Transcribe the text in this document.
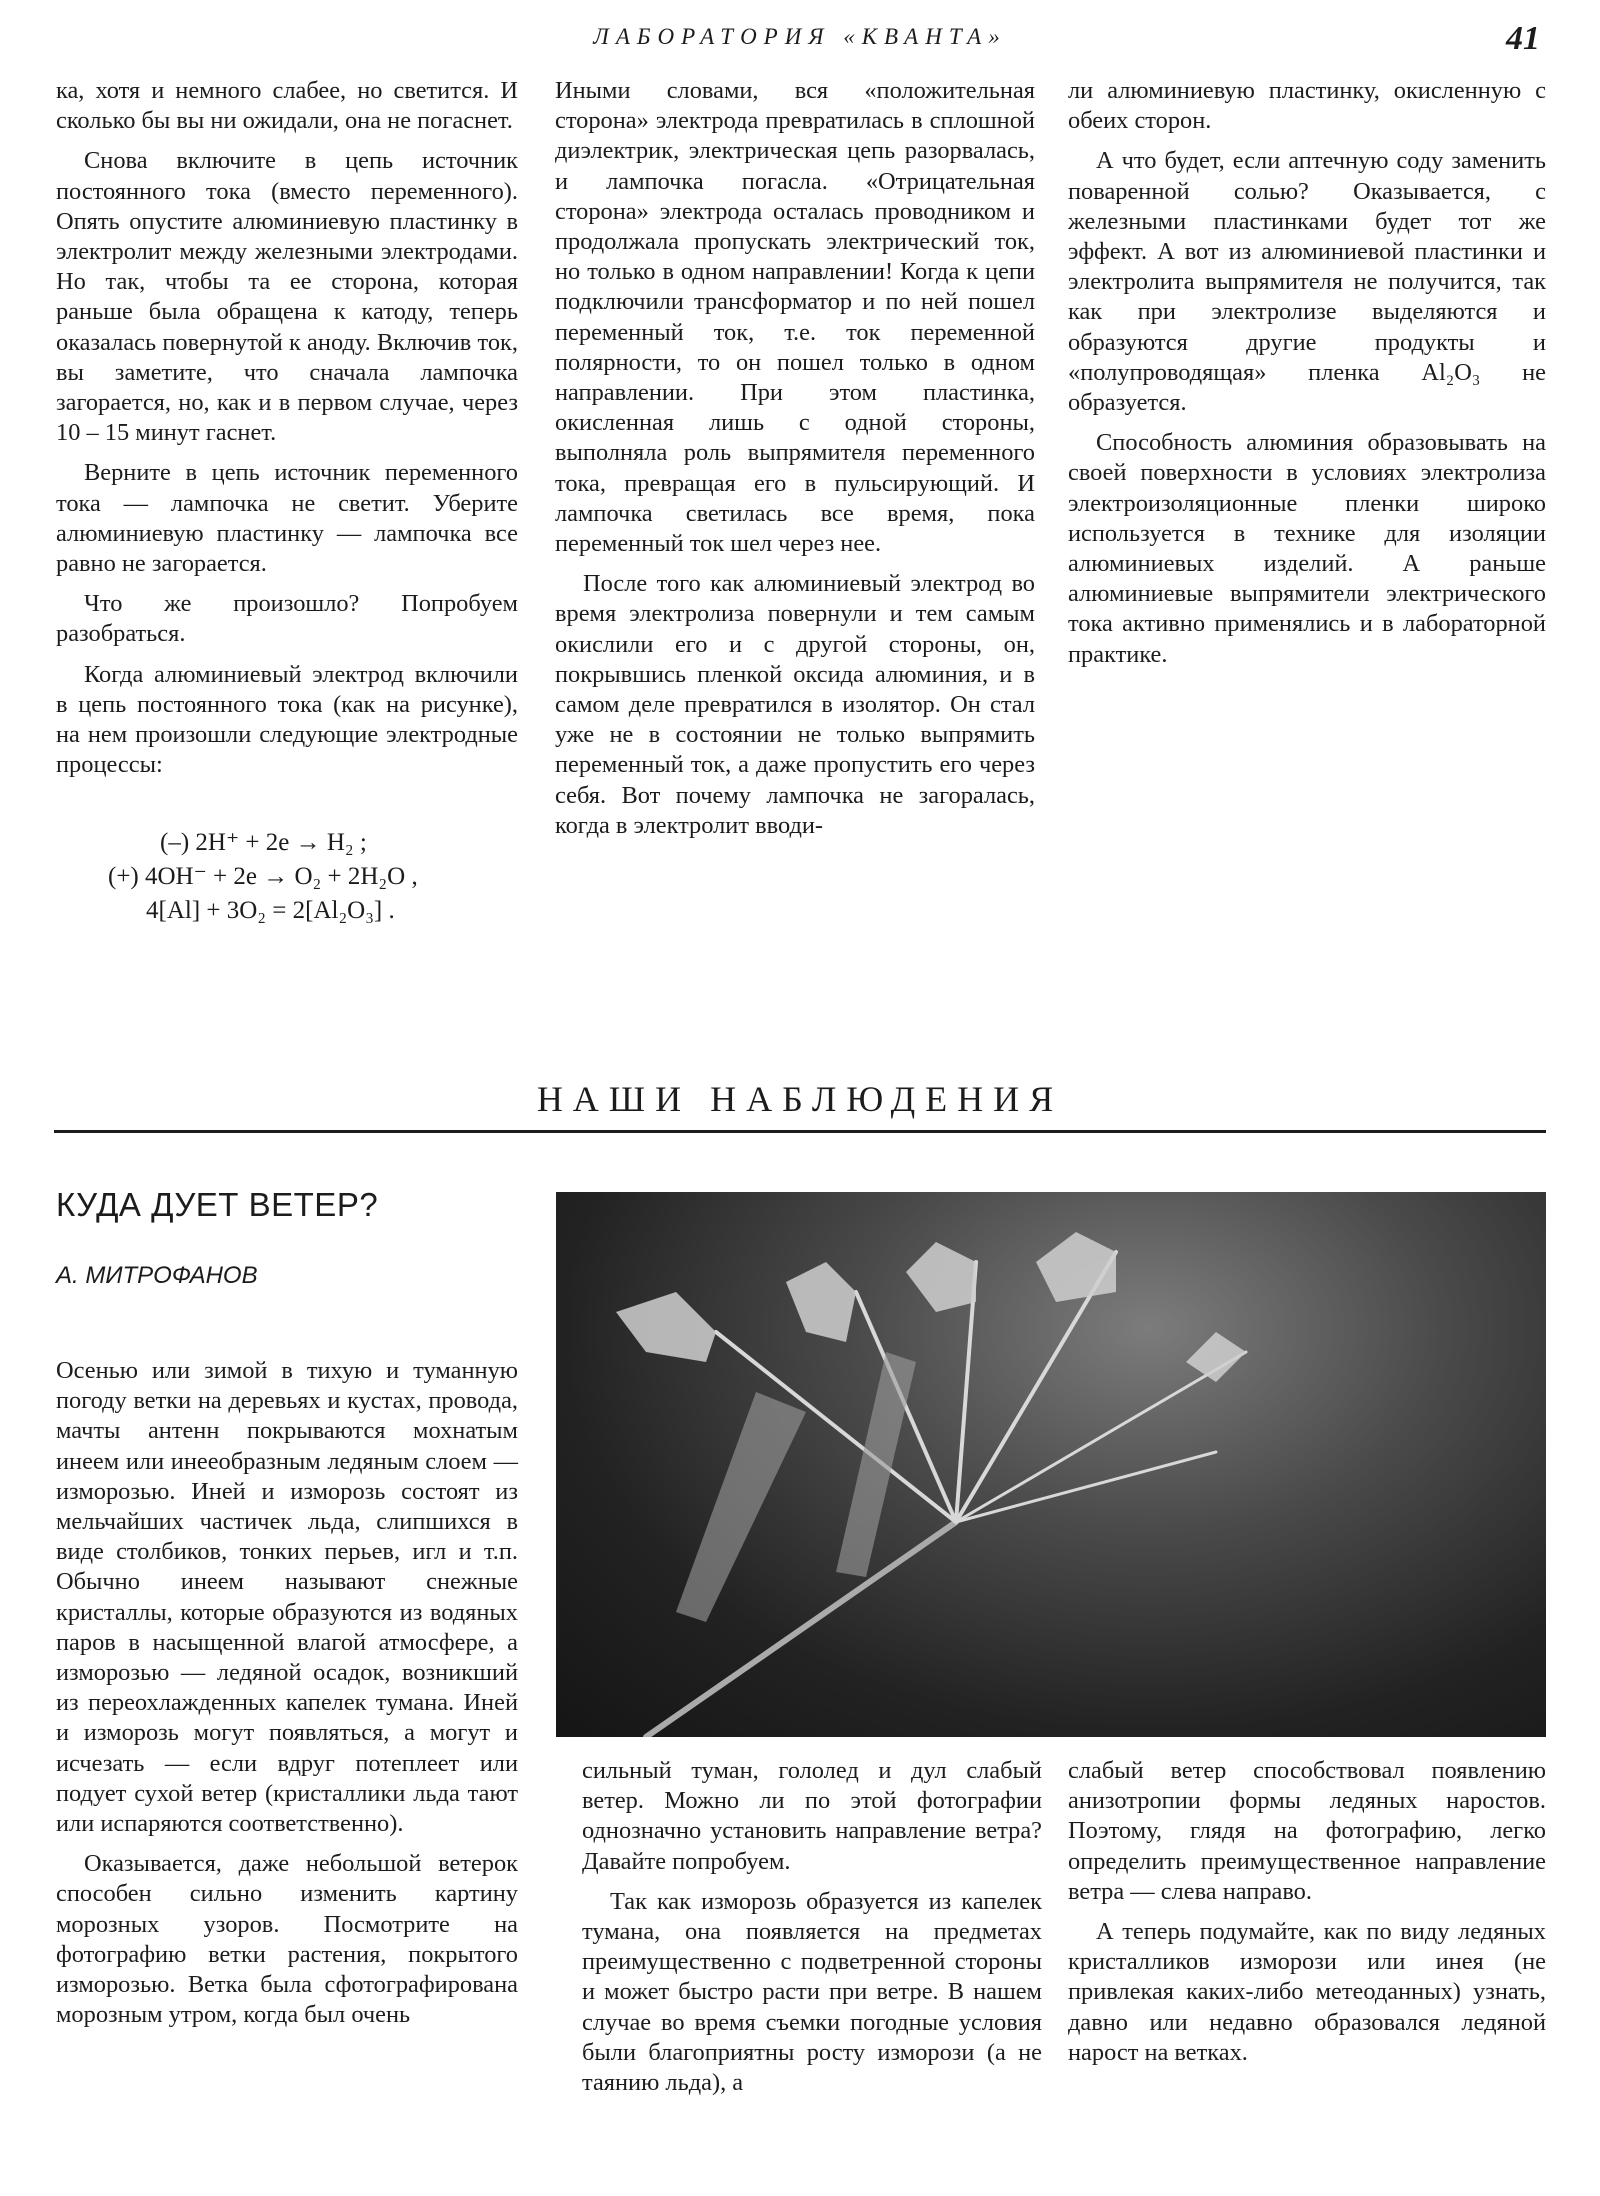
ЛАБОРАТОРИЯ «КВАНТА»	41

ка, хотя и немного слабее, но светится. И сколько бы вы ни ожидали, она не погаснет.

Снова включите в цепь источник постоянного тока (вместо переменного). Опять опустите алюминиевую пластинку в электролит между железными электродами. Но так, чтобы та ее сторона, которая раньше была обращена к катоду, теперь оказалась повернутой к аноду. Включив ток, вы заметите, что сначала лампочка загорается, но, как и в первом случае, через 10 – 15 минут гаснет.

Верните в цепь источник переменного тока — лампочка не светит. Уберите алюминиевую пластинку — лампочка все равно не загорается.

Что же произошло? Попробуем разобраться.

Когда алюминиевый электрод включили в цепь постоянного тока (как на рисунке), на нем произошли следующие электродные процессы:

(–) 2H⁺ + 2e → H₂ ;
(+) 4OH⁻ + 2e → O₂ + 2H₂O ,
4[Al] + 3O₂ = 2[Al₂O₃] .

Иными словами, вся «положительная сторона» электрода превратилась в сплошной диэлектрик, электрическая цепь разорвалась, и лампочка погасла. «Отрицательная сторона» электрода осталась проводником и продолжала пропускать электрический ток, но только в одном направлении! Когда к цепи подключили трансформатор и по ней пошел переменный ток, т.е. ток переменной полярности, то он пошел только в одном направлении. При этом пластинка, окисленная лишь с одной стороны, выполняла роль выпрямителя переменного тока, превращая его в пульсирующий. И лампочка светилась все время, пока переменный ток шел через нее.

После того как алюминиевый электрод во время электролиза повернули и тем самым окислили его и с другой стороны, он, покрывшись пленкой оксида алюминия, и в самом деле превратился в изолятор. Он стал уже не в состоянии не только выпрямить переменный ток, а даже пропустить его через себя. Вот почему лампочка не загоралась, когда в электролит вводи-

ли алюминиевую пластинку, окисленную с обеих сторон.

А что будет, если аптечную соду заменить поваренной солью? Оказывается, с железными пластинками будет тот же эффект. А вот из алюминиевой пластинки и электролита выпрямителя не получится, так как при электролизе выделяются и образуются другие продукты и «полупроводящая» пленка Al₂O₃ не образуется.

Способность алюминия образовывать на своей поверхности в условиях электролиза электроизоляционные пленки широко используется в технике для изоляции алюминиевых изделий. А раньше алюминиевые выпрямители электрического тока активно применялись и в лабораторной практике.

НАШИ НАБЛЮДЕНИЯ
КУДА ДУЕТ ВЕТЕР?
А. МИТРОФАНОВ

Осенью или зимой в тихую и туманную погоду ветки на деревьях и кустах, провода, мачты антенн покрываются мохнатым инеем или инееобразным ледяным слоем — изморозью. Иней и изморозь состоят из мельчайших частичек льда, слипшихся в виде столбиков, тонких перьев, игл и т.п. Обычно инеем называют снежные кристаллы, которые образуются из водяных паров в насыщенной влагой атмосфере, а изморозью — ледяной осадок, возникший из переохлажденных капелек тумана. Иней и изморозь могут появляться, а могут и исчезать — если вдруг потеплеет или подует сухой ветер (кристаллики льда тают или испаряются соответственно).

Оказывается, даже небольшой ветерок способен сильно изменить картину морозных узоров. Посмотрите на фотографию ветки растения, покрытого изморозью. Ветка была сфотографирована морозным утром, когда был очень

сильный туман, гололед и дул слабый ветер. Можно ли по этой фотографии однозначно установить направление ветра? Давайте попробуем.

Так как изморозь образуется из капелек тумана, она появляется на предметах преимущественно с подветренной стороны и может быстро расти при ветре. В нашем случае во время съемки погодные условия были благоприятны росту изморози (а не таянию льда), а

слабый ветер способствовал появлению анизотропии формы ледяных наростов. Поэтому, глядя на фотографию, легко определить преимущественное направление ветра — слева направо.

А теперь подумайте, как по виду ледяных кристалликов изморози или инея (не привлекая каких-либо метеоданных) узнать, давно или недавно образовался ледяной нарост на ветках.
